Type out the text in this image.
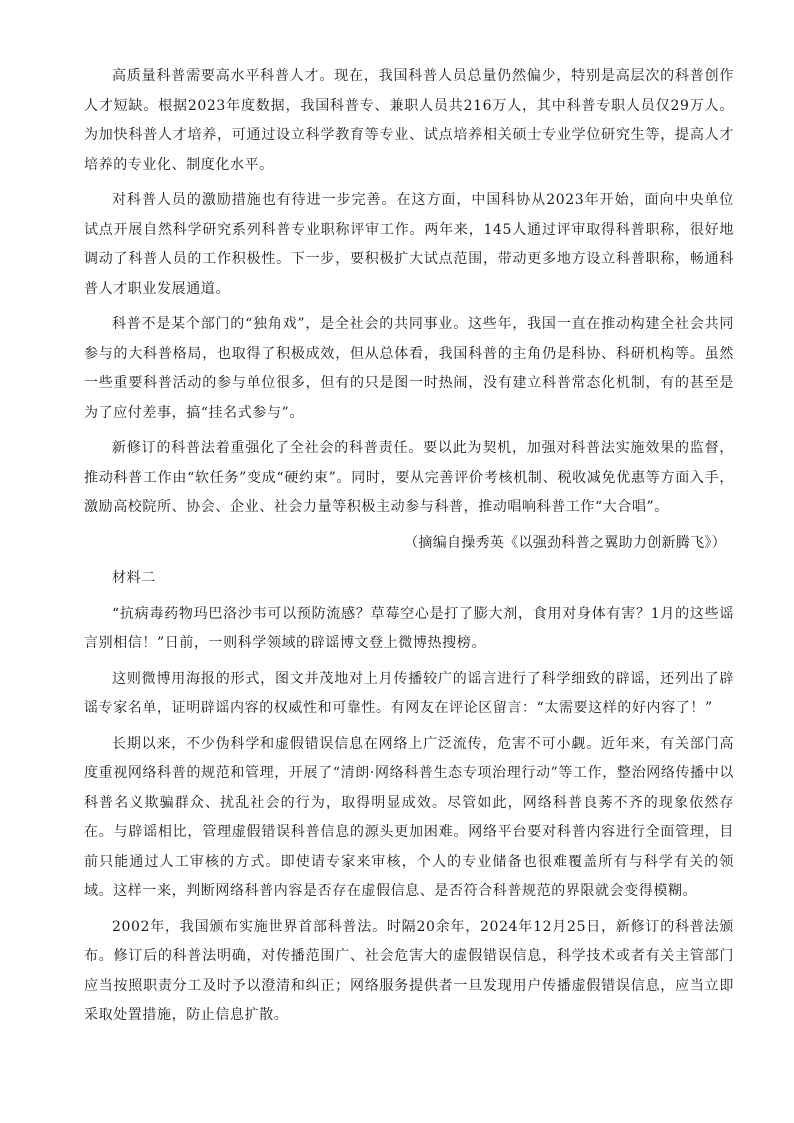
高质量科普需要高水平科普人才。现在，我国科普人员总量仍然偏少，特别是高层次的科普创作人才短缺。根据2023年度数据，我国科普专、兼职人员共216万人，其中科普专职人员仅29万人。为加快科普人才培养，可通过设立科学教育等专业、试点培养相关硕士专业学位研究生等，提高人才培养的专业化、制度化水平。

对科普人员的激励措施也有待进一步完善。在这方面，中国科协从2023年开始，面向中央单位试点开展自然科学研究系列科普专业职称评审工作。两年来，145人通过评审取得科普职称，很好地调动了科普人员的工作积极性。下一步，要积极扩大试点范围，带动更多地方设立科普职称，畅通科普人才职业发展通道。

科普不是某个部门的“独角戏”，是全社会的共同事业。这些年，我国一直在推动构建全社会共同参与的大科普格局，也取得了积极成效，但从总体看，我国科普的主角仍是科协、科研机构等。虽然一些重要科普活动的参与单位很多，但有的只是图一时热闹，没有建立科普常态化机制，有的甚至是为了应付差事，搞“挂名式参与”。

新修订的科普法着重强化了全社会的科普责任。要以此为契机，加强对科普法实施效果的监督，推动科普工作由“软任务”变成“硬约束”。同时，要从完善评价考核机制、税收减免优惠等方面入手，激励高校院所、协会、企业、社会力量等积极主动参与科普，推动唱响科普工作“大合唱”。

（摘编自操秀英《以强劲科普之翼助力创新腾飞》）

材料二

“抗病毒药物玛巴洛沙韦可以预防流感？草莓空心是打了膨大剂，食用对身体有害？1月的这些谣言别相信！”日前，一则科学领域的辟谣博文登上微博热搜榜。

这则微博用海报的形式，图文并茂地对上月传播较广的谣言进行了科学细致的辟谣，还列出了辟谣专家名单，证明辟谣内容的权威性和可靠性。有网友在评论区留言：“太需要这样的好内容了！”

长期以来，不少伪科学和虚假错误信息在网络上广泛流传，危害不可小觑。近年来，有关部门高度重视网络科普的规范和管理，开展了“清朗·网络科普生态专项治理行动”等工作，整治网络传播中以科普名义欺骗群众、扰乱社会的行为，取得明显成效。尽管如此，网络科普良莠不齐的现象依然存在。与辟谣相比，管理虚假错误科普信息的源头更加困难。网络平台要对科普内容进行全面管理，目前只能通过人工审核的方式。即使请专家来审核，个人的专业储备也很难覆盖所有与科学有关的领域。这样一来，判断网络科普内容是否存在虚假信息、是否符合科普规范的界限就会变得模糊。

2002年，我国颁布实施世界首部科普法。时隔20余年，2024年12月25日，新修订的科普法颁布。修订后的科普法明确，对传播范围广、社会危害大的虚假错误信息，科学技术或者有关主管部门应当按照职责分工及时予以澄清和纠正；网络服务提供者一旦发现用户传播虚假错误信息，应当立即采取处置措施，防止信息扩散。
